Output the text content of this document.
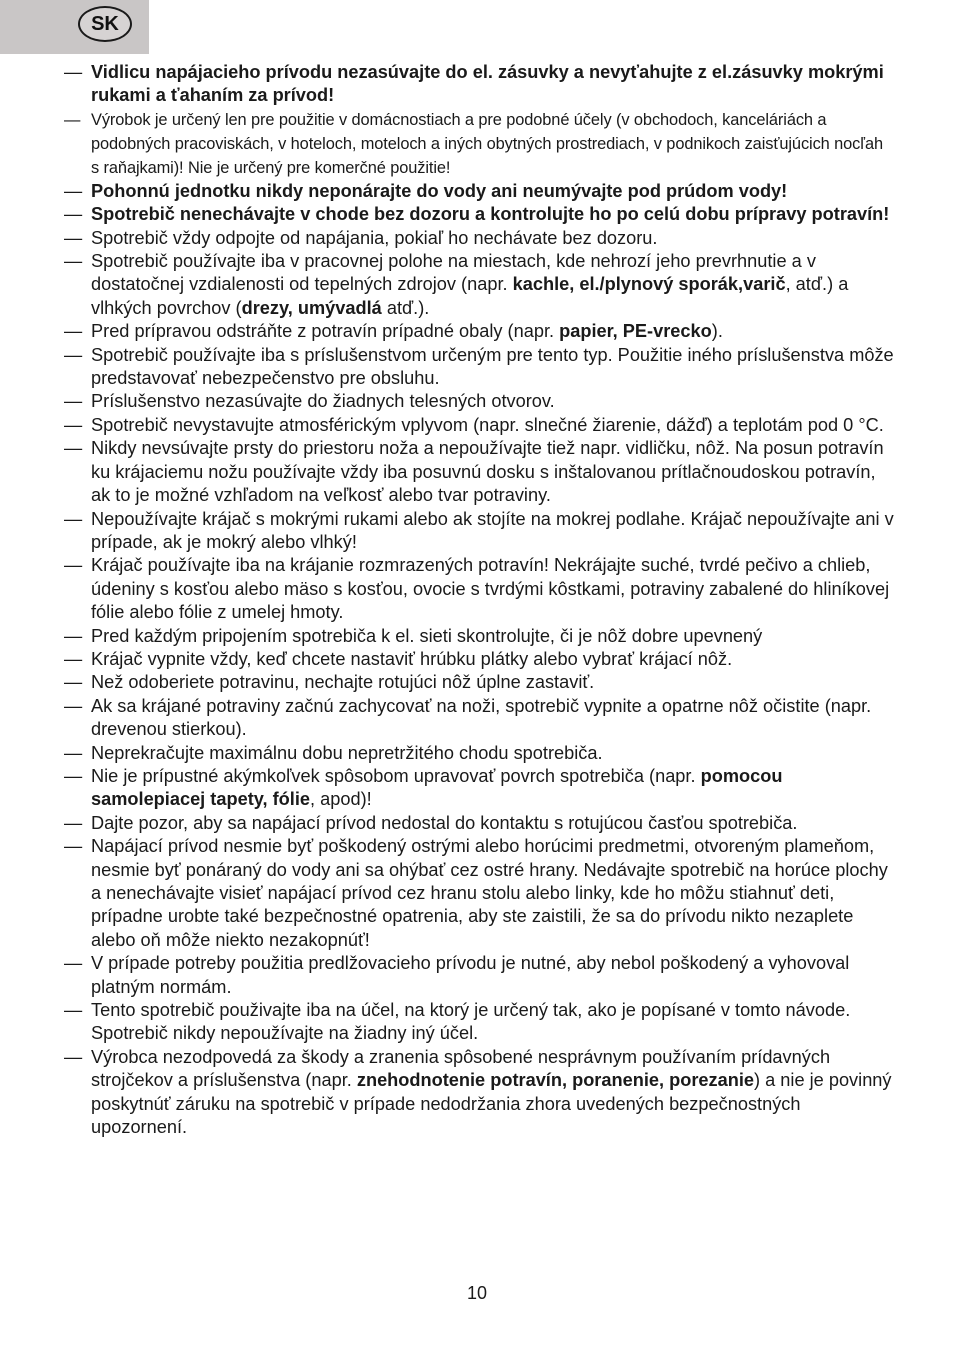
SK
— Vidlicu napájacieho prívodu nezasúvajte do el. zásuvky a nevyťahujte z el.zásuvky mokrými rukami a ťahaním za prívod!
— Výrobok je určený len pre použitie v domácnostiach a pre podobné účely (v obchodoch, kanceláriách a podobných pracoviskách, v hoteloch, moteloch a iných obytných prostrediach, v podnikoch zaisťujúcich nocľah s raňajkami)! Nie je určený pre komerčné použitie!
— Pohonnú jednotku nikdy neponárajte do vody ani neumývajte pod prúdom vody!
— Spotrebič nenechávajte v chode bez dozoru a kontrolujte ho po celú dobu prípravy potravín!
— Spotrebič vždy odpojte od napájania, pokiaľ ho nechávate bez dozoru.
— Spotrebič používajte iba v pracovnej polohe na miestach, kde nehrozí jeho prevrhnutie a v dostatočnej vzdialenosti od tepelných zdrojov (napr. kachle, el./plynový sporák,varič, atď.) a vlhkých povrchov (drezy, umývadlá atď.).
— Pred prípravou odstráňte z potravín prípadné obaly (napr. papier, PE-vrecko).
— Spotrebič používajte iba s príslušenstvom určeným pre tento typ. Použitie iného príslušenstva môže predstavovať nebezpečenstvo pre obsluhu.
— Príslušenstvo nezasúvajte do žiadnych telesných otvorov.
— Spotrebič nevystavujte atmosférickým vplyvom (napr. slnečné žiarenie, dážď) a teplotám pod 0 °C.
— Nikdy nevsúvajte prsty do priestoru noža a nepoužívajte tiež napr. vidličku, nôž. Na posun potravín ku krájaciemu nožu používajte vždy iba posuvnú dosku s inštalovanou prítlačnoudoskou potravín, ak to je možné vzhľadom na veľkosť alebo tvar potraviny.
— Nepoužívajte krájač s mokrými rukami alebo ak stojíte na mokrej podlahe. Krájač nepoužívajte ani v prípade, ak je mokrý alebo vlhký!
— Krájač používajte iba na krájanie rozmrazených potravín! Nekrájajte suché, tvrdé pečivo a chlieb, údeniny s kosťou alebo mäso s kosťou, ovocie s tvrdými kôstkami, potraviny zabalené do hliníkovej fólie alebo fólie z umelej hmoty.
— Pred každým pripojením spotrebiča k el. sieti skontrolujte, či je nôž dobre upevnený
— Krájač vypnite vždy, keď chcete nastaviť hrúbku plátky alebo vybrať krájací nôž.
— Než odoberiete potravinu, nechajte rotujúci nôž úplne zastaviť.
— Ak sa krájané potraviny začnú zachycovať na noži, spotrebič vypnite a opatrne nôž očistite (napr. drevenou stierkou).
— Neprekračujte maximálnu dobu nepretržitého chodu spotrebiča.
— Nie je prípustné akýmkoľvek spôsobom upravovať povrch spotrebiča (napr. pomocou samolepiacej tapety, fólie, apod)!
— Dajte pozor, aby sa napájací prívod nedostal do kontaktu s rotujúcou časťou spotrebiča.
— Napájací prívod nesmie byť poškodený ostrými alebo horúcimi predmetmi, otvoreným plameňom, nesmie byť ponáraný do vody ani sa ohýbať cez ostré hrany. Nedávajte spotrebič na horúce plochy a nenechávajte visieť napájací prívod cez hranu stolu alebo linky, kde ho môžu stiahnuť deti, prípadne urobte také bezpečnostné opatrenia, aby ste zaistili, že sa do prívodu nikto nezaplete alebo oň môže niekto nezakopnúť!
— V prípade potreby použitia predlžovacieho prívodu je nutné, aby nebol poškodený a vyhovoval platným normám.
— Tento spotrebič použivajte iba na účel, na ktorý je určený tak, ako je popísané v tomto návode. Spotrebič nikdy nepoužívajte na žiadny iný účel.
— Výrobca nezodpovedá za škody a zranenia spôsobené nesprávnym používaním prídavných strojčekov a príslušenstva (napr. znehodnotenie potravín, poranenie, porezanie) a nie je povinný poskytnúť záruku na spotrebič v prípade nedodržania zhora uvedených bezpečnostných upozornení.
10
